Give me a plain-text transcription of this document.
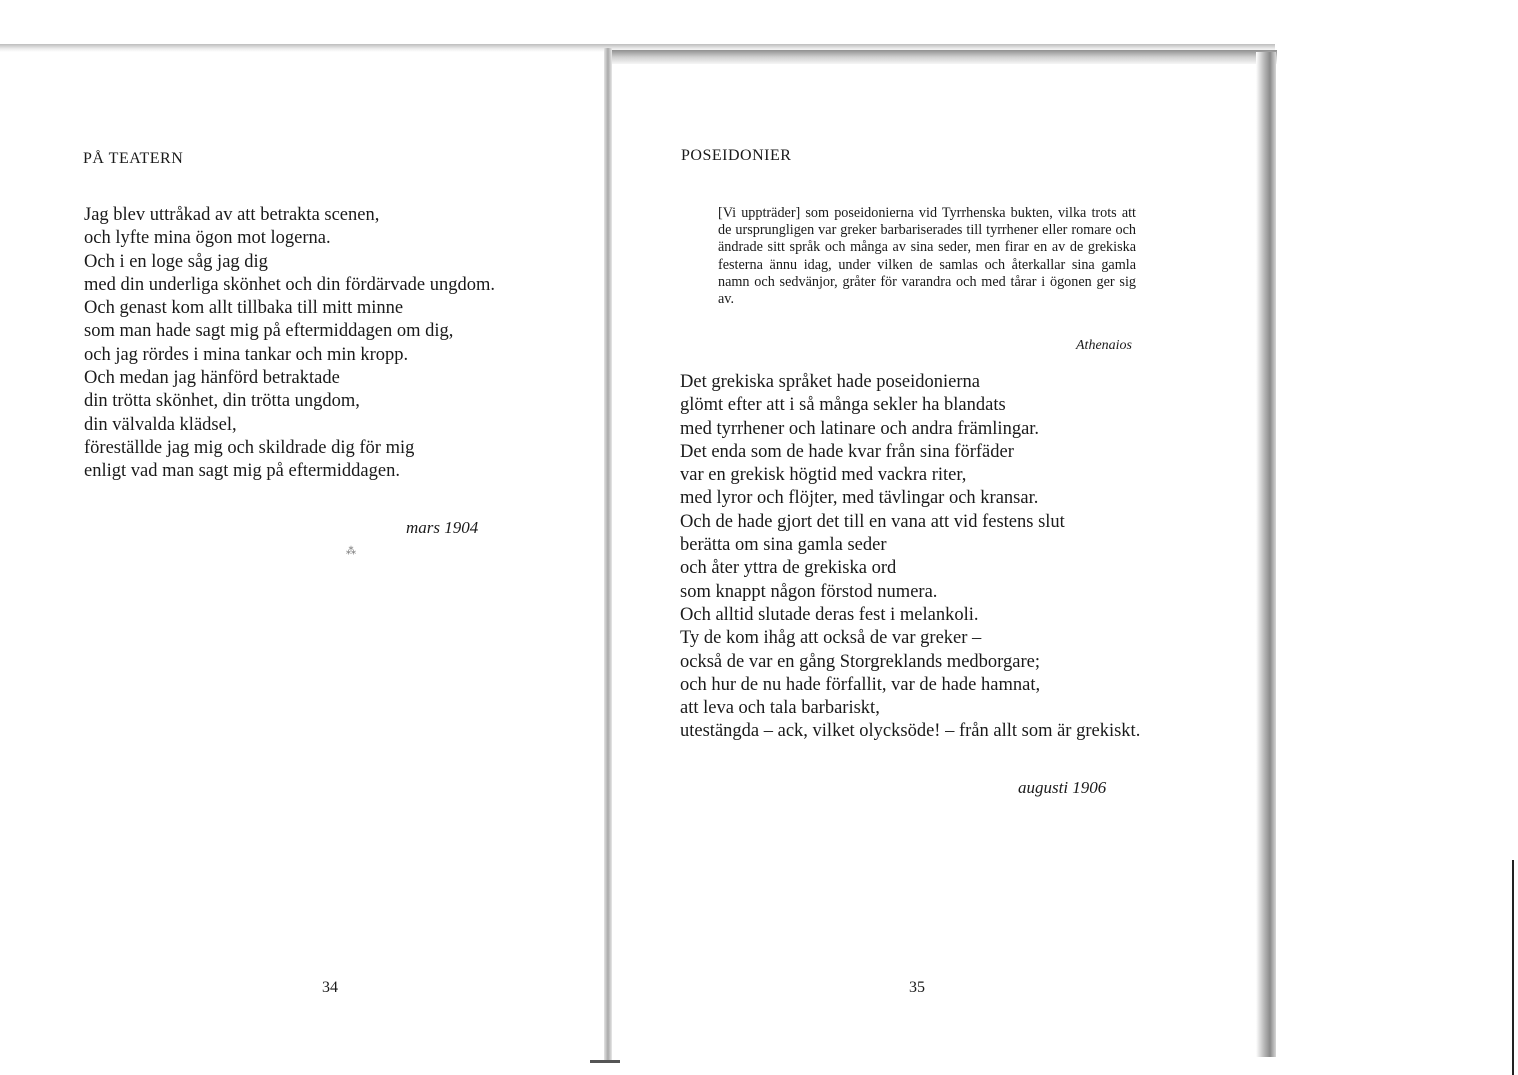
PÅ TEATERN
Jag blev uttråkad av att betrakta scenen,
och lyfte mina ögon mot logerna.
Och i en loge såg jag dig
med din underliga skönhet och din fördärvade ungdom.
Och genast kom allt tillbaka till mitt minne
som man hade sagt mig på eftermiddagen om dig,
och jag rördes i mina tankar och min kropp.
Och medan jag hänförd betraktade
din trötta skönhet, din trötta ungdom,
din välvalda klädsel,
föreställde jag mig och skildrade dig för mig
enligt vad man sagt mig på eftermiddagen.
mars 1904
⁂
34
POSEIDONIER

[Vi uppträder] som poseidonierna vid Tyrrhenska bukten, vilka trots att de ursprungligen var greker barbariserades till tyrrhener eller romare och ändrade sitt språk och många av sina seder, men firar en av de grekiska festerna ännu idag, under vilken de samlas och återkallar sina gamla namn och sedvänjor, gråter för varandra och med tårar i ögonen ger sig av.

Athenaios
Det grekiska språket hade poseidonierna
glömt efter att i så många sekler ha blandats
med tyrrhener och latinare och andra främlingar.
Det enda som de hade kvar från sina förfäder
var en grekisk högtid med vackra riter,
med lyror och flöjter, med tävlingar och kransar.
Och de hade gjort det till en vana att vid festens slut
berätta om sina gamla seder
och åter yttra de grekiska ord
som knappt någon förstod numera.
Och alltid slutade deras fest i melankoli.
Ty de kom ihåg att också de var greker –
också de var en gång Storgreklands medborgare;
och hur de nu hade förfallit, var de hade hamnat,
att leva och tala barbariskt,
utestängda – ack, vilket olycksöde! – från allt som är grekiskt.
augusti 1906
35
